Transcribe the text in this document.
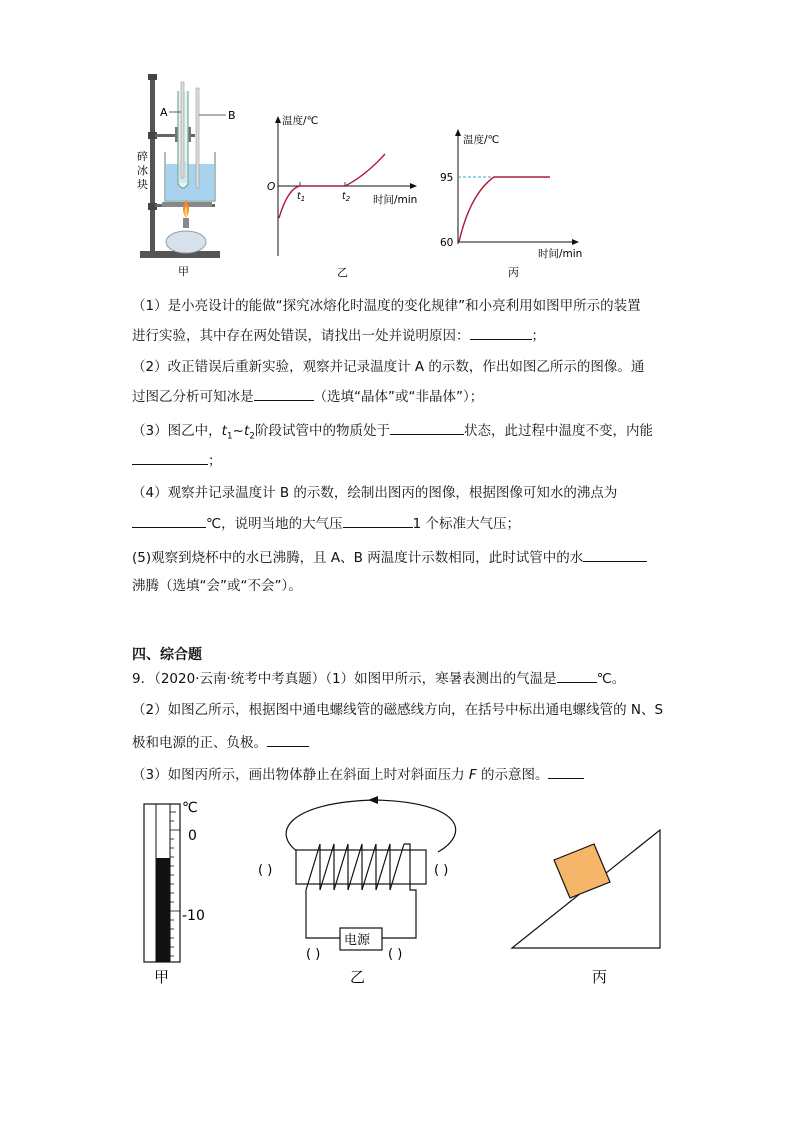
A	B
碎
冰
块
甲
温度/℃
时间/min
O
$t_1$	$t_2$
乙
温度/℃
时间/min
95
60
丙
（1）是小亮设计的能做“探究冰熔化时温度的变化规律”和小亮利用如图甲所示的装置
进行实验，其中存在两处错误，请找出一处并说明原因：	；
（2）改正错误后重新实验，观察并记录温度计 A 的示数，作出如图乙所示的图像。通
过图乙分析可知冰是	（选填“晶体”或“非晶体”）；
（3）图乙中，$t_1\sim t_2$阶段试管中的物质处于	状态，此过程中温度不变，内能
；
（4）观察并记录温度计 B 的示数，绘制出图丙的图像，根据图像可知水的沸点为
℃，说明当地的大气压	1 个标准大气压；
(5)观察到烧杯中的水已沸腾，且 A、B 两温度计示数相同，此时试管中的水
沸腾（选填“会”或“不会”）。
四、综合题
9．（2020·云南·统考中考真题）（1）如图甲所示，寒暑表测出的气温是	℃。
（2）如图乙所示，根据图中通电螺线管的磁感线方向，在括号中标出通电螺线管的 N、S
极和电源的正、负极。
（3）如图丙所示，画出物体静止在斜面上时对斜面压力 F 的示意图。
℃
0
-10
甲
电源
( )	( )
( )	( )
乙	丙
